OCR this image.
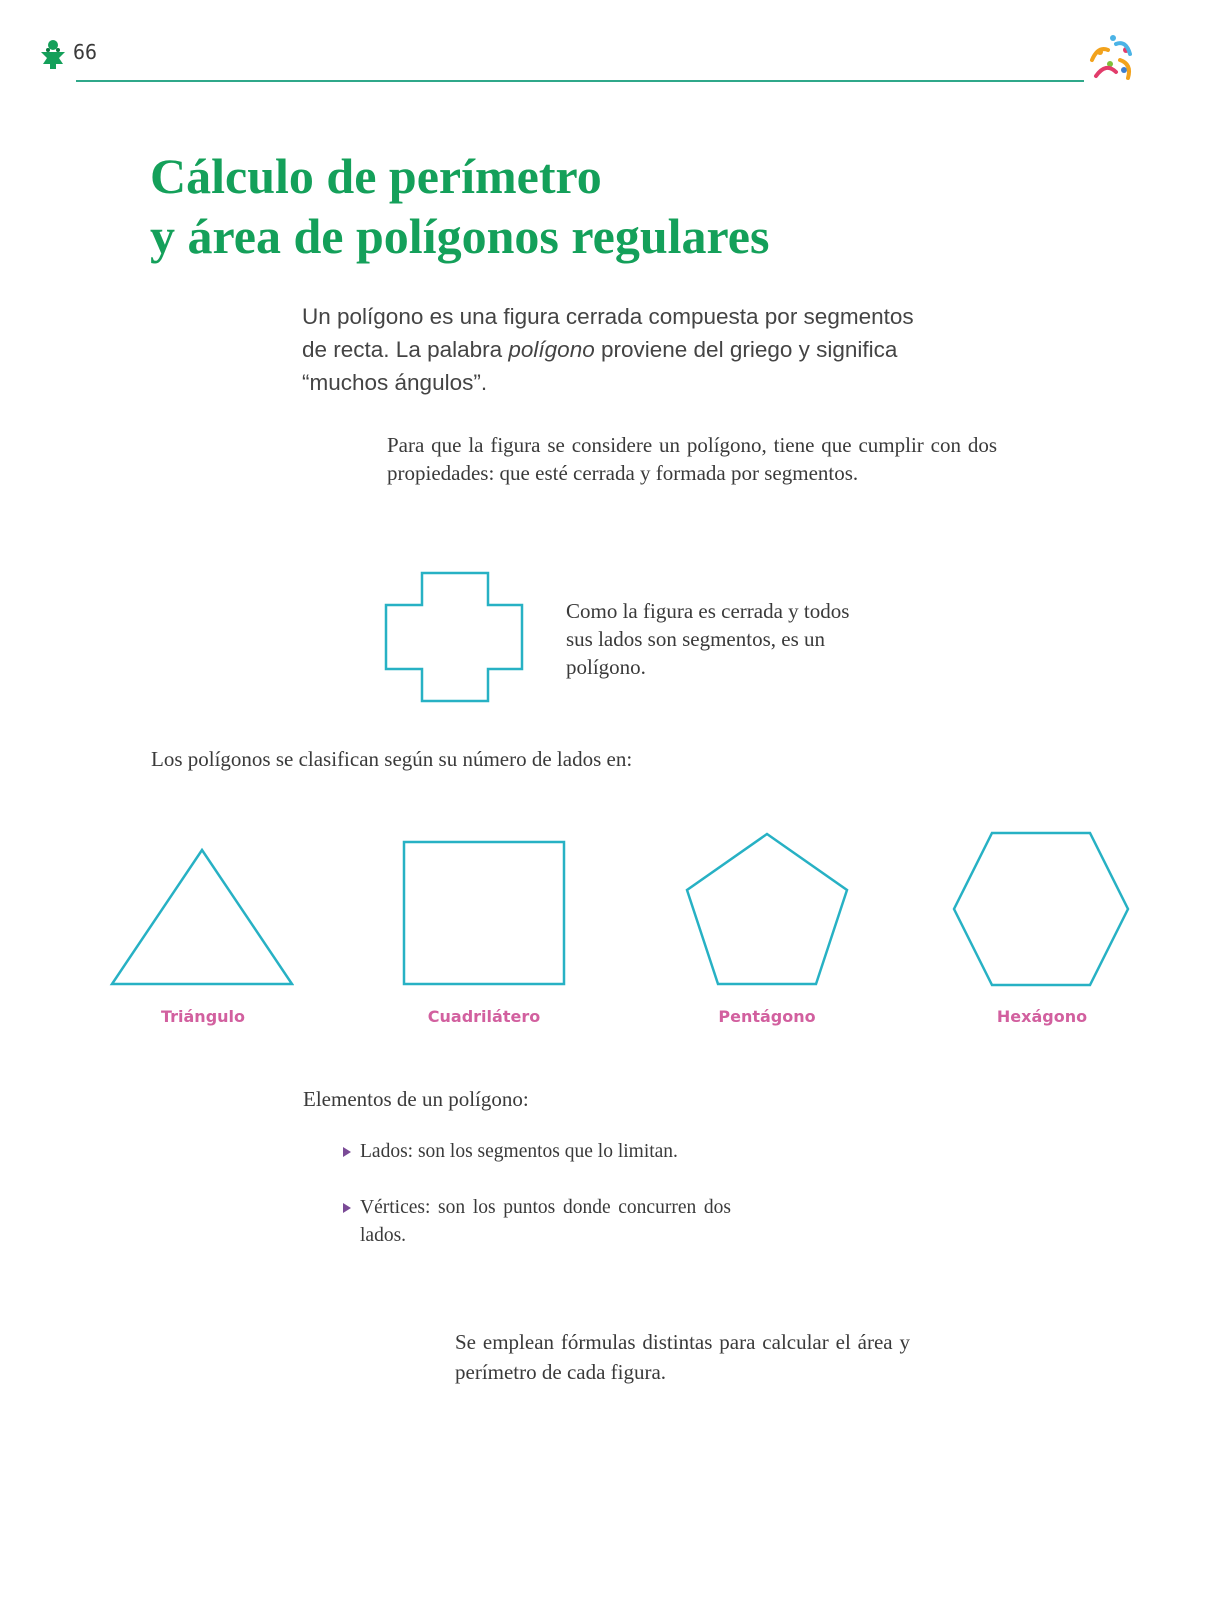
66
Cálculo de perímetro
y área de polígonos regulares

Un polígono es una figura cerrada compuesta por segmentos de recta. La palabra polígono proviene del griego y significa “muchos ángulos”.

Para que la figura se considere un polígono, tiene que cumplir con dos propiedades: que esté cerrada y formada por segmentos.

Como la figura es cerrada y todos sus lados son segmentos, es un polígono.

Los polígonos se clasifican según su número de lados en:

Triángulo	Cuadrilátero	Pentágono	Hexágono

Elementos de un polígono:

Lados: son los segmentos que lo limitan.
Vértices: son los puntos donde concurren dos lados.

Se emplean fórmulas distintas para calcular el área y perímetro de cada figura.
